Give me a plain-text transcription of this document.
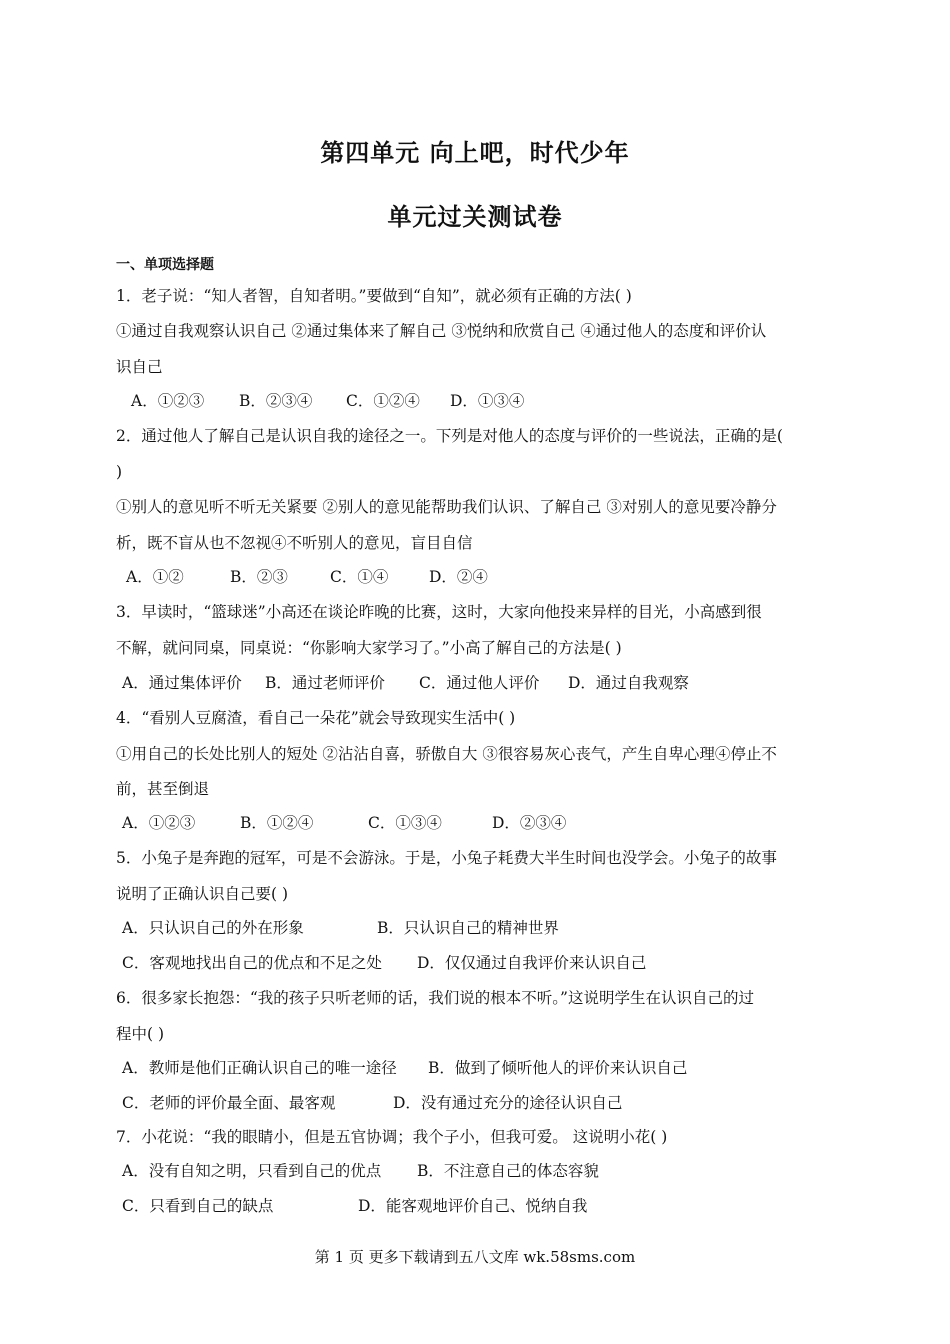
第四单元 向上吧，时代少年
单元过关测试卷
一、单项选择题
1．老子说：“知人者智，自知者明。”要做到“自知”，就必须有正确的方法( )
①通过自我观察认识自己 ②通过集体来了解自己 ③悦纳和欣赏自己 ④通过他人的态度和评价认
识自己
A．①②③ B．②③④ C．①②④ D．①③④
2．通过他人了解自己是认识自我的途径之一。下列是对他人的态度与评价的一些说法，正确的是(
)
①别人的意见听不听无关紧要 ②别人的意见能帮助我们认识、了解自己 ③对别人的意见要冷静分
析，既不盲从也不忽视④不听别人的意见，盲目自信
A．①②	B．②③	C．①④	D．②④
3．早读时，“篮球迷”小高还在谈论昨晚的比赛，这时，大家向他投来异样的目光，小高感到很
不解，就问同桌，同桌说：“你影响大家学习了。”小高了解自己的方法是( )
A．通过集体评价 B．通过老师评价 C．通过他人评价 D．通过自我观察
4．“看别人豆腐渣，看自己一朵花”就会导致现实生活中( )
①用自己的长处比别人的短处 ②沾沾自喜，骄傲自大 ③很容易灰心丧气，产生自卑心理④停止不
前，甚至倒退
A．①②③	B．①②④	C．①③④	D．②③④
5．小兔子是奔跑的冠军，可是不会游泳。于是，小兔子耗费大半生时间也没学会。小兔子的故事
说明了正确认识自己要( )
A．只认识自己的外在形象	B．只认识自己的精神世界
C．客观地找出自己的优点和不足之处 D．仅仅通过自我评价来认识自己
6．很多家长抱怨：“我的孩子只听老师的话，我们说的根本不听。”这说明学生在认识自己的过
程中( )
A．教师是他们正确认识自己的唯一途径 B．做到了倾听他人的评价来认识自己
C．老师的评价最全面、最客观	D．没有通过充分的途径认识自己
7．小花说：“我的眼睛小，但是五官协调；我个子小，但我可爱。 这说明小花( )
A．没有自知之明，只看到自己的优点 B．不注意自己的体态容貌
C．只看到自己的缺点	D．能客观地评价自己、悦纳自我
第 1 页 更多下载请到五八文库 wk.58sms.com
